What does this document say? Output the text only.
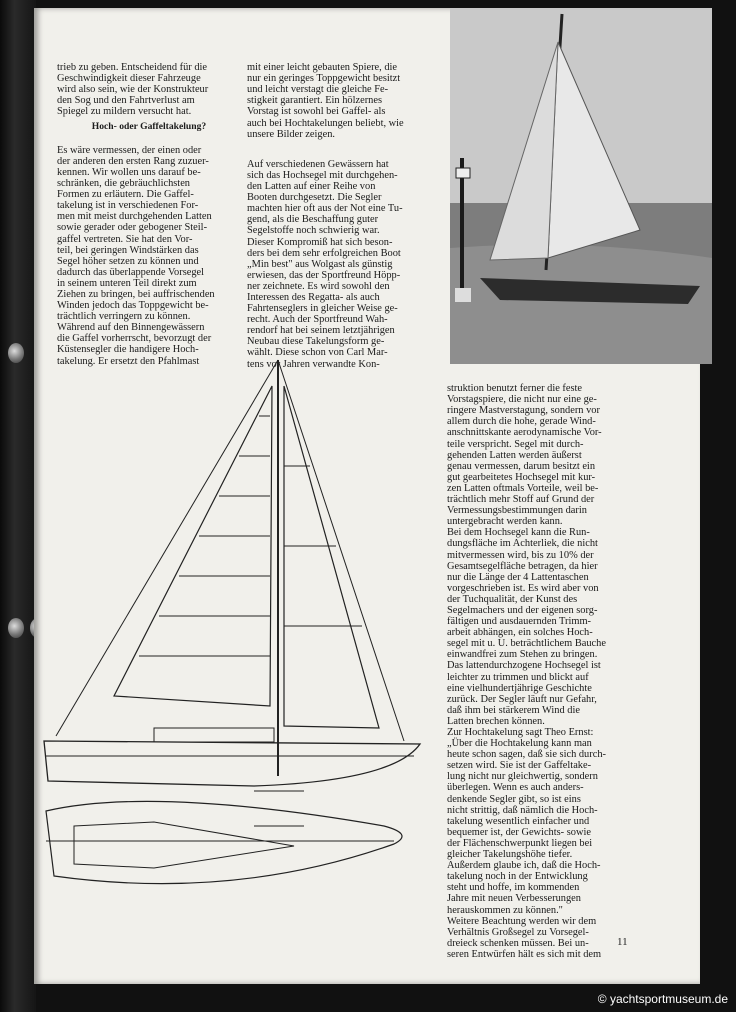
trieb zu geben. Entscheidend für die
Geschwindigkeit dieser Fahrzeuge
wird also sein, wie der Konstrukteur
den Sog und den Fahrtverlust am
Spiegel zu mildern versucht hat.

Hoch- oder Gaffeltakelung?

Es wäre vermessen, der einen oder
der anderen den ersten Rang zuzuer-
kennen. Wir wollen uns darauf be-
schränken, die gebräuchlichsten
Formen zu erläutern. Die Gaffel-
takelung ist in verschiedenen For-
men mit meist durchgehenden Latten
sowie gerader oder gebogener Steil-
gaffel vertreten. Sie hat den Vor-
teil, bei geringen Windstärken das
Segel höher setzen zu können und
dadurch das überlappende Vorsegel
in seinem unteren Teil direkt zum
Ziehen zu bringen, bei auffrischenden
Winden jedoch das Toppgewicht be-
trächtlich verringern zu können.
Während auf den Binnengewässern
die Gaffel vorherrscht, bevorzugt der
Küstensegler die handigere Hoch-
takelung. Er ersetzt den Pfahlmast

mit einer leicht gebauten Spiere, die
nur ein geringes Toppgewicht besitzt
und leicht verstagt die gleiche Fe-
stigkeit garantiert. Ein hölzernes
Vorstag ist sowohl bei Gaffel- als
auch bei Hochtakelungen beliebt, wie
unsere Bilder zeigen.

Auf verschiedenen Gewässern hat
sich das Hochsegel mit durchgehen-
den Latten auf einer Reihe von
Booten durchgesetzt. Die Segler
machten hier oft aus der Not eine Tu-
gend, als die Beschaffung guter
Segelstoffe noch schwierig war.
Dieser Kompromiß hat sich beson-
ders bei dem sehr erfolgreichen Boot
„Min best" aus Wolgast als günstig
erwiesen, das der Sportfreund Höpp-
ner zeichnete. Es wird sowohl den
Interessen des Regatta- als auch
Fahrtenseglers in gleicher Weise ge-
recht. Auch der Sportfreund Wah-
rendorf hat bei seinem letztjährigen
Neubau diese Takelungsform ge-
wählt. Diese schon von Carl Mar-
tens vor Jahren verwandte Kon-

struktion benutzt ferner die feste
Vorstagspiere, die nicht nur eine ge-
ringere Mastverstagung, sondern vor
allem durch die hohe, gerade Wind-
anschnittskante aerodynamische Vor-
teile verspricht. Segel mit durch-
gehenden Latten werden äußerst
genau vermessen, darum besitzt ein
gut gearbeitetes Hochsegel mit kur-
zen Latten oftmals Vorteile, weil be-
trächtlich mehr Stoff auf Grund der
Vermessungsbestimmungen darin
untergebracht werden kann.
Bei dem Hochsegel kann die Run-
dungsfläche im Achterliek, die nicht
mitvermessen wird, bis zu 10% der
Gesamtsegelfläche betragen, da hier
nur die Länge der 4 Lattentaschen
vorgeschrieben ist. Es wird aber von
der Tuchqualität, der Kunst des
Segelmachers und der eigenen sorg-
fältigen und ausdauernden Trimm-
arbeit abhängen, ein solches Hoch-
segel mit u. U. beträchtlichem Bauche
einwandfrei zum Stehen zu bringen.
Das lattendurchzogene Hochsegel ist
leichter zu trimmen und blickt auf
eine vielhundertjährige Geschichte
zurück. Der Segler läuft nur Gefahr,
daß ihm bei stärkerem Wind die
Latten brechen können.
Zur Hochtakelung sagt Theo Ernst:
„Über die Hochtakelung kann man
heute schon sagen, daß sie sich durch-
setzen wird. Sie ist der Gaffeltake-
lung nicht nur gleichwertig, sondern
überlegen. Wenn es auch anders-
denkende Segler gibt, so ist eins
nicht strittig, daß nämlich die Hoch-
takelung wesentlich einfacher und
bequemer ist, der Gewichts- sowie
der Flächenschwerpunkt liegen bei
gleicher Takelungshöhe tiefer.
Außerdem glaube ich, daß die Hoch-
takelung noch in der Entwicklung
steht und hoffe, im kommenden
Jahre mit neuen Verbesserungen
herauskommen zu können."
Weitere Beachtung werden wir dem
Verhältnis Großsegel zu Vorsegel-
dreieck schenken müssen. Bei un-
seren Entwürfen hält es sich mit dem

11
© yachtsportmuseum.de
